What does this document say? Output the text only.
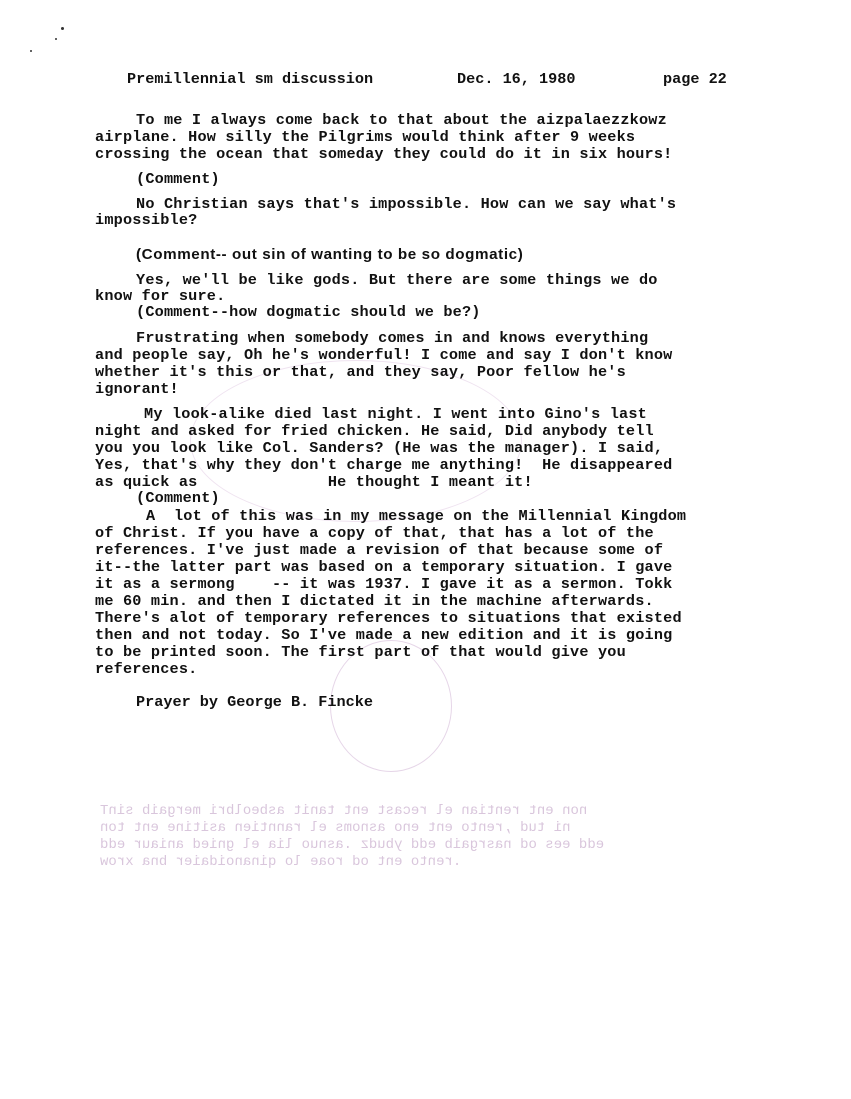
non ent rentian el recast ent tanit asbeolbri mergaib sinT
ni tud ,rento ent eno asnoms el ranntien asitine ent ton
edd ees od nasrgaib edd ybudz .asnuo lia el gnied aniaur edd
.rento ent od roae lo qinanoidaier bna xrow

Premillennial sm discussion

	Dec. 16, 1980

	page 22

To me I always come back to that about the aizpalaezzkowz
airplane. How silly the Pilgrims would think after 9 weeks
crossing the ocean that someday they could do it in six hours!
(Comment)
No Christian says that's impossible. How can we say what's
impossible?
(Comment-- out sin of wanting to be so dogmatic)
Yes, we'll be like gods. But there are some things we do
know for sure.
(Comment--how dogmatic should we be?)
Frustrating when somebody comes in and knows everything
and people say, Oh he's wonderful! I come and say I don't know
whether it's this or that, and they say, Poor fellow he's
ignorant!
My look-alike died last night. I went into Gino's last
night and asked for fried chicken. He said, Did anybody tell
you you look like Col. Sanders? (He was the manager). I said,
Yes, that's why they don't charge me anything!  He disappeared
as quick as              He thought I meant it!
(Comment)
A  lot of this was in my message on the Millennial Kingdom
of Christ. If you have a copy of that, that has a lot of the
references. I've just made a revision of that because some of
it--the latter part was based on a temporary situation. I gave
it as a sermong    -- it was 1937. I gave it as a sermon. Tokk
me 60 min. and then I dictated it in the machine afterwards.
There's alot of temporary references to situations that existed
then and not today. So I've made a new edition and it is going
to be printed soon. The first part of that would give you
references.
Prayer by George B. Fincke
